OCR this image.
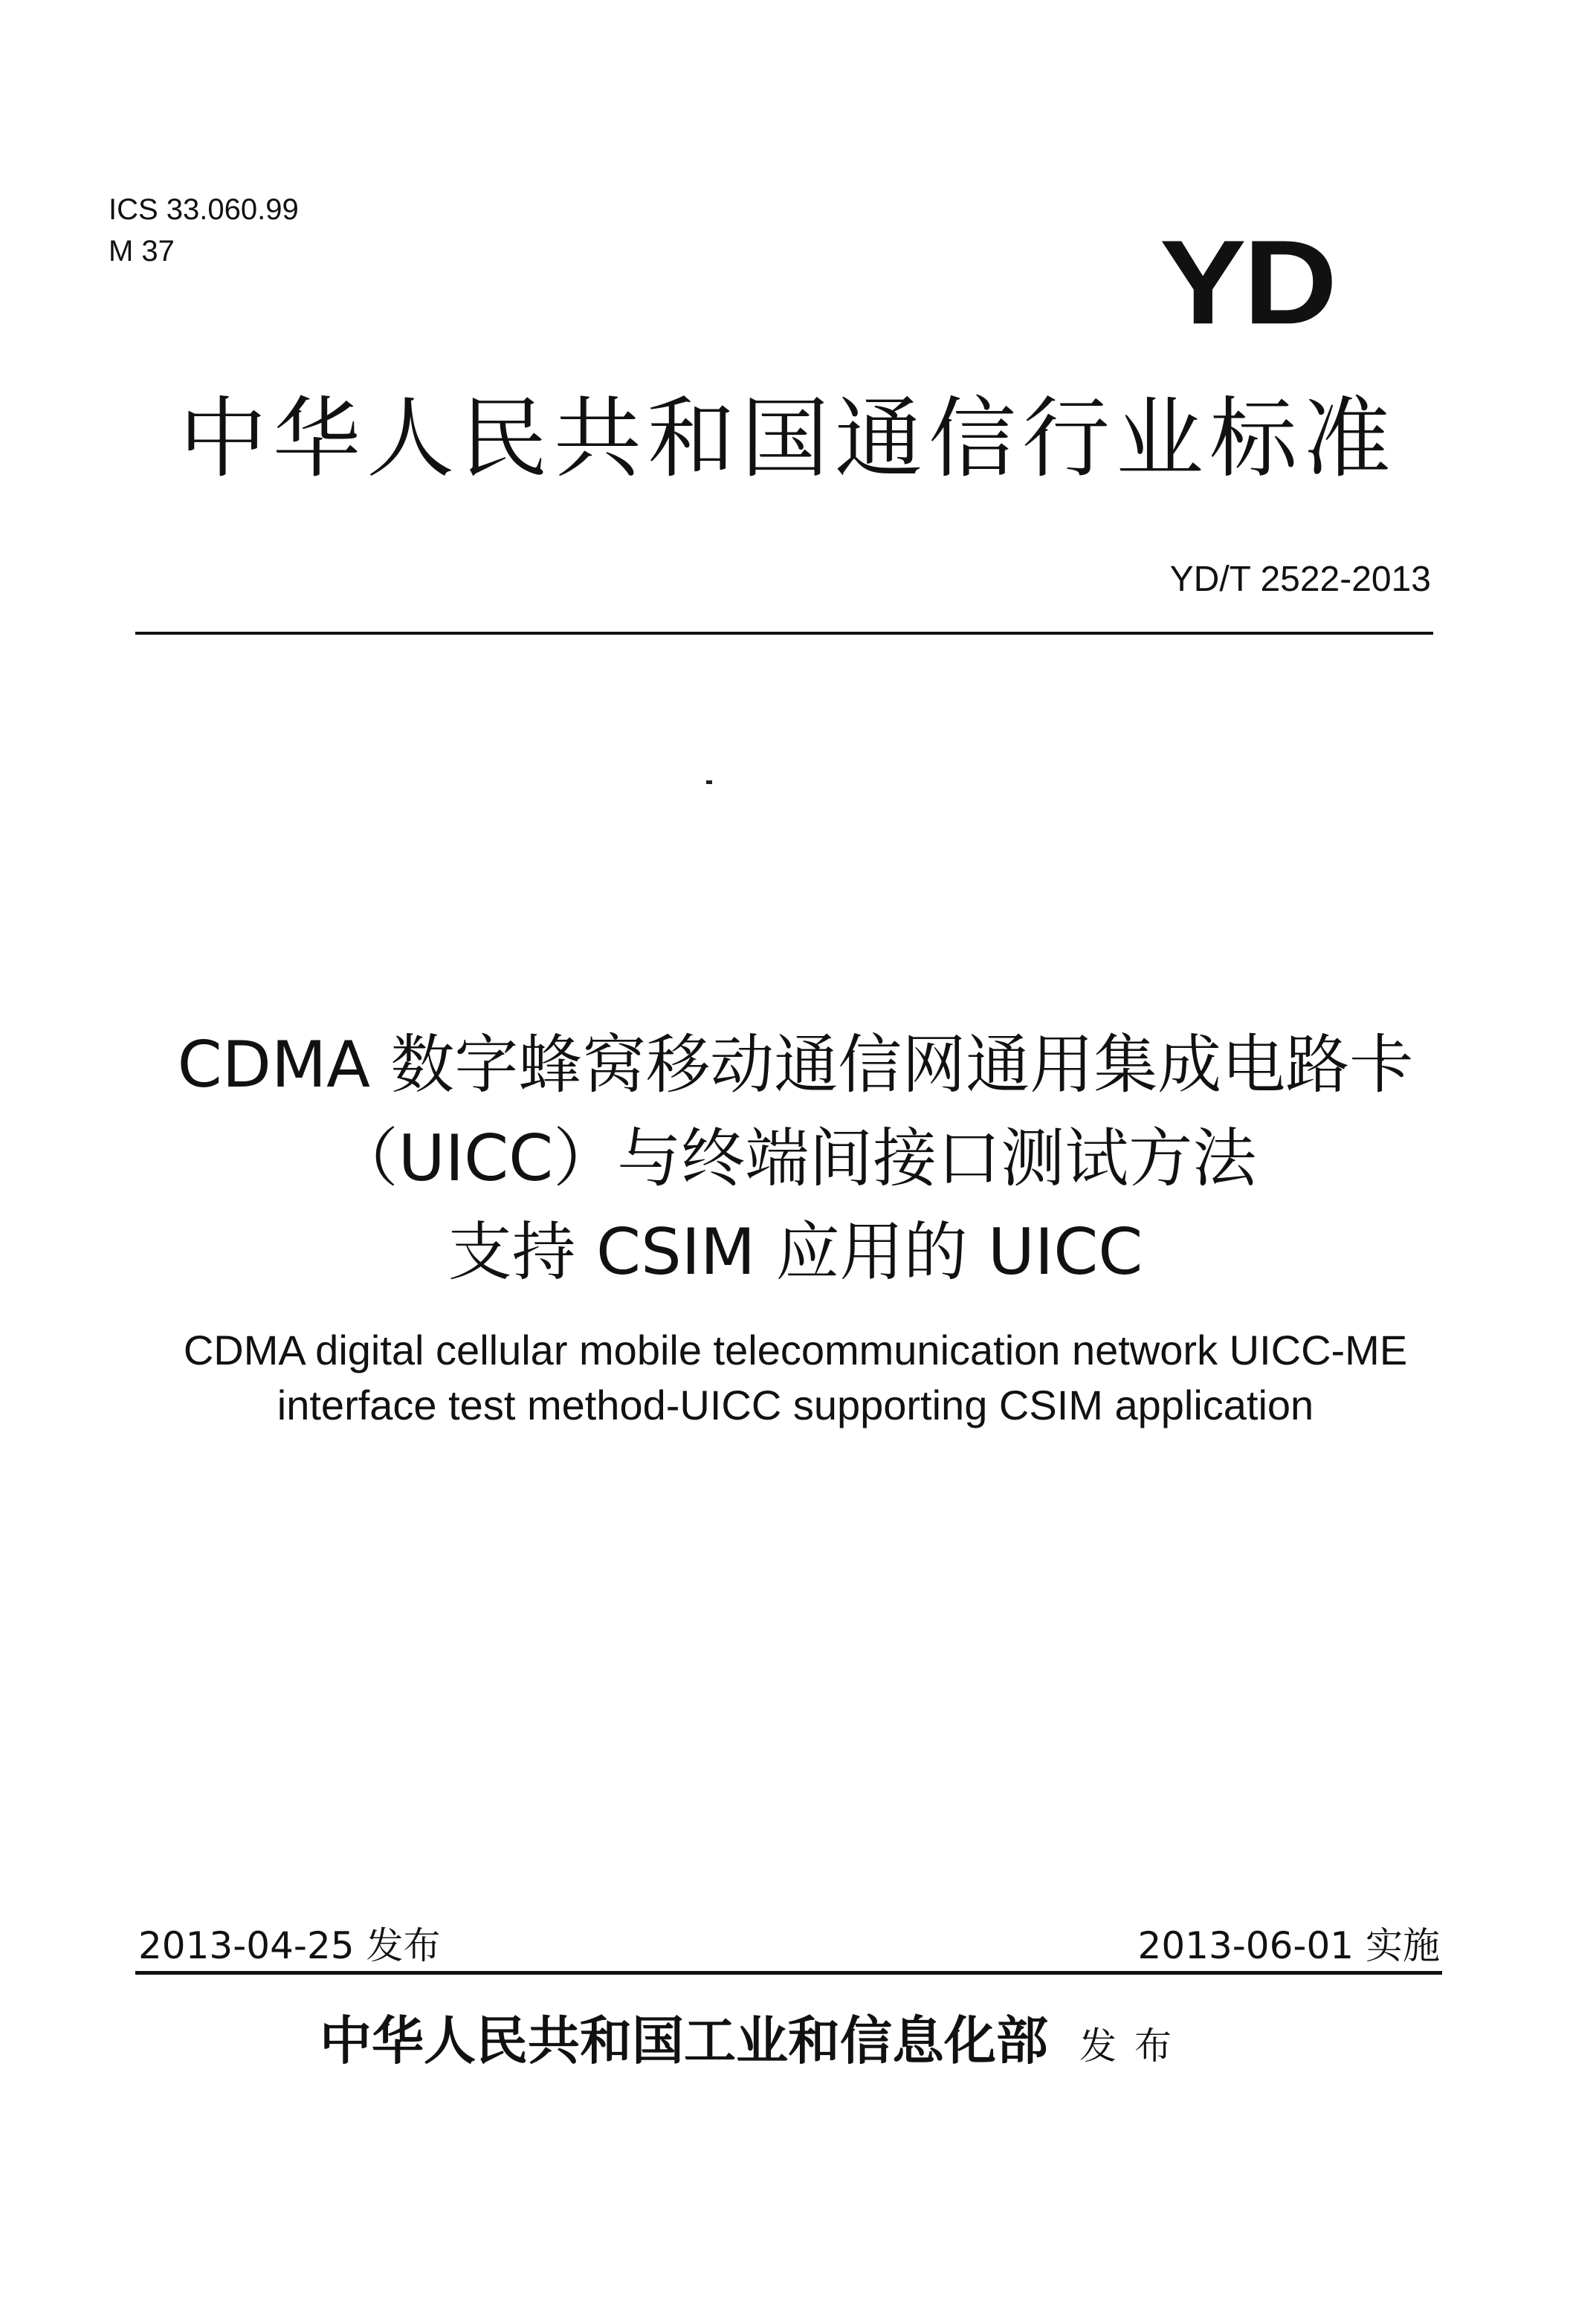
ICS 33.060.99
M 37	YD
中华人民共和国通信行业标准
YD/T 2522-2013
CDMA 数字蜂窝移动通信网通用集成电路卡
（UICC）与终端间接口测试方法
支持 CSIM 应用的 UICC
CDMA digital cellular mobile telecommunication network UICC-ME
interface test method-UICC supporting CSIM application
2013-04-25 发布	2013-06-01 实施
中华人民共和国工业和信息化部 发布
